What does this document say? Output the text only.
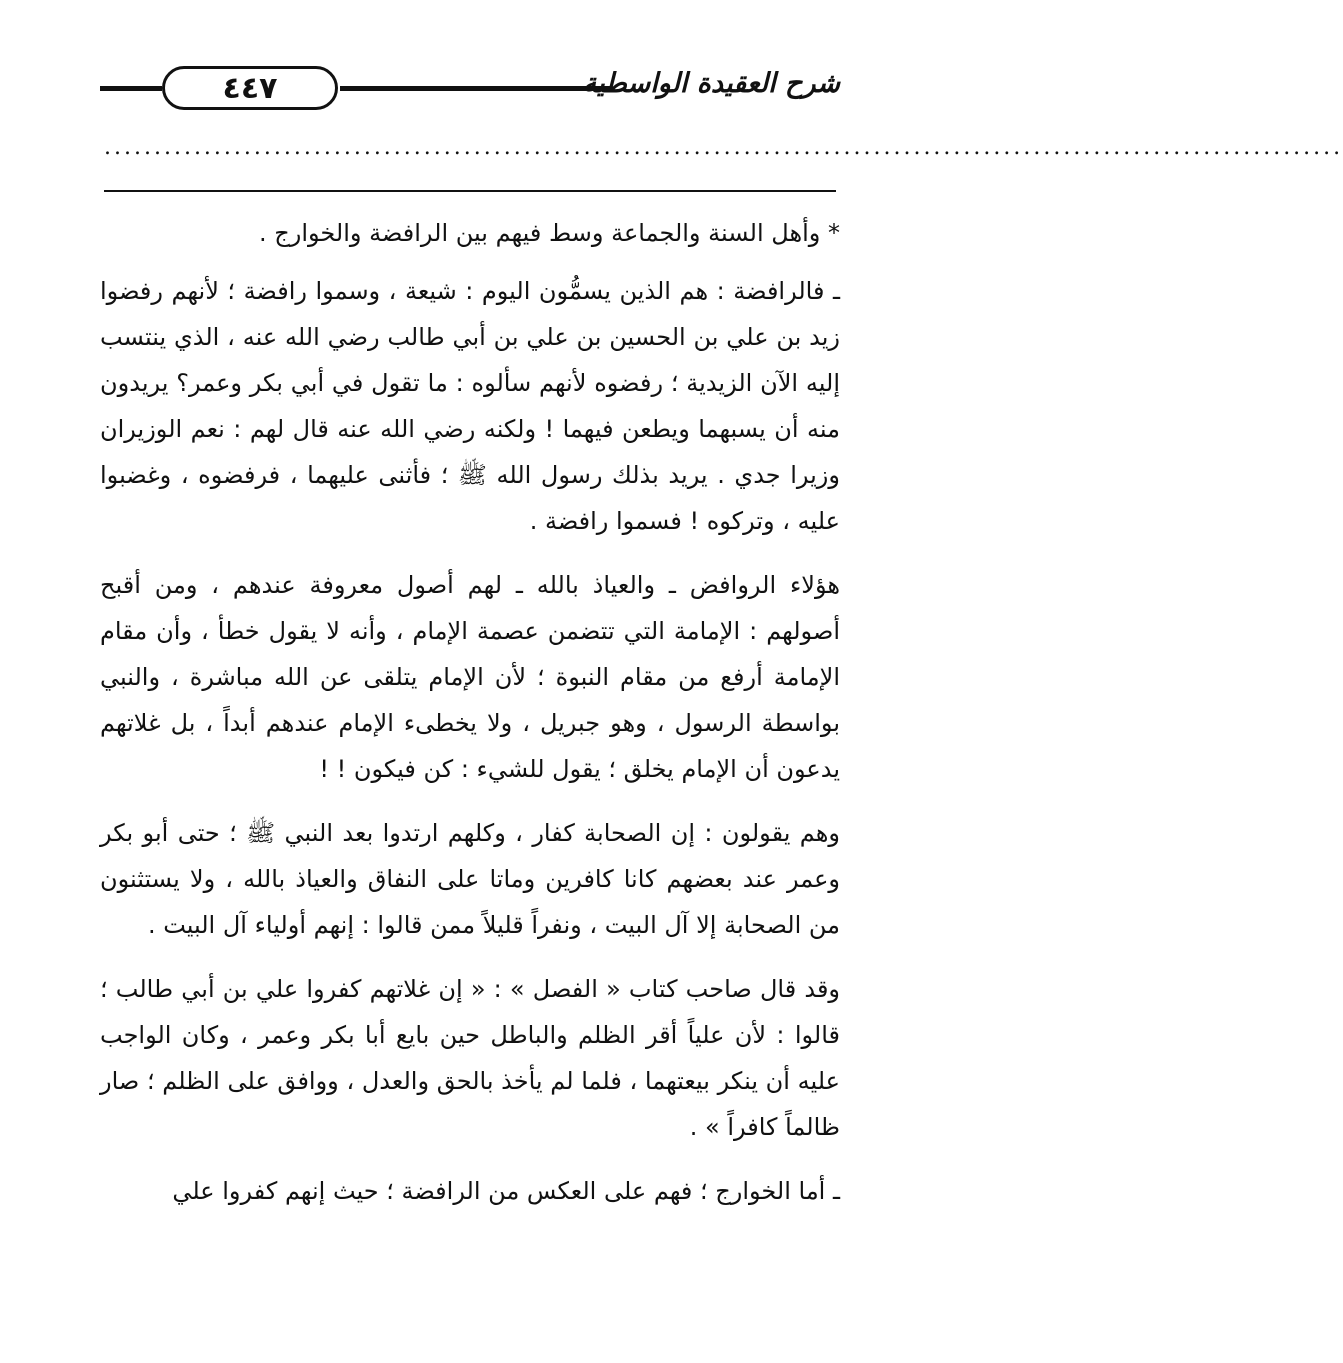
٤٤٧	شرح العقيدة الواسطية
............................................................................................................................

* وأهل السنة والجماعة وسط فيهم بين الرافضة والخوارج .

ـ فالرافضة : هم الذين يسمُّون اليوم : شيعة ، وسموا رافضة ؛ لأنهم رفضوا زيد بن علي بن الحسين بن علي بن أبي طالب رضي الله عنه ، الذي ينتسب إليه الآن الزيدية ؛ رفضوه لأنهم سألوه : ما تقول في أبي بكر وعمر؟ يريدون منه أن يسبهما ويطعن فيهما ! ولكنه رضي الله عنه قال لهم : نعم الوزيران وزيرا جدي . يريد بذلك رسول الله ﷺ ؛ فأثنى عليهما ، فرفضوه ، وغضبوا عليه ، وتركوه ! فسموا رافضة .

هؤلاء الروافض ـ والعياذ بالله ـ لهم أصول معروفة عندهم ، ومن أقبح أصولهم : الإمامة التي تتضمن عصمة الإمام ، وأنه لا يقول خطأ ، وأن مقام الإمامة أرفع من مقام النبوة ؛ لأن الإمام يتلقى عن الله مباشرة ، والنبي بواسطة الرسول ، وهو جبريل ، ولا يخطىء الإمام عندهم أبداً ، بل غلاتهم يدعون أن الإمام يخلق ؛ يقول للشيء : كن فيكون ! !

وهم يقولون : إن الصحابة كفار ، وكلهم ارتدوا بعد النبي ﷺ ؛ حتى أبو بكر وعمر عند بعضهم كانا كافرين وماتا على النفاق والعياذ بالله ، ولا يستثنون من الصحابة إلا آل البيت ، ونفراً قليلاً ممن قالوا : إنهم أولياء آل البيت .

وقد قال صاحب كتاب « الفصل » : « إن غلاتهم كفروا علي بن أبي طالب ؛ قالوا : لأن علياً أقر الظلم والباطل حين بايع أبا بكر وعمر ، وكان الواجب عليه أن ينكر بيعتهما ، فلما لم يأخذ بالحق والعدل ، ووافق على الظلم ؛ صار ظالماً كافراً » .

ـ أما الخوارج ؛ فهم على العكس من الرافضة ؛ حيث إنهم كفروا علي
